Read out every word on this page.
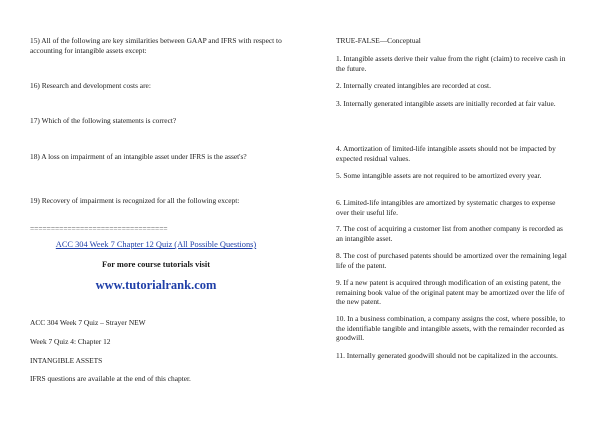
15) All of the following are key similarities between GAAP and IFRS with respect to accounting for intangible assets except:

16) Research and development costs are:

17) Which of the following statements is correct?

18) A loss on impairment of an intangible asset under IFRS is the asset's?

19) Recovery of impairment is recognized for all the following except:

=================================

ACC 304 Week 7 Chapter 12 Quiz (All Possible Questions)

For more course tutorials visit

www.tutorialrank.com

ACC 304 Week 7 Quiz – Strayer NEW

Week 7 Quiz 4: Chapter 12

INTANGIBLE ASSETS

IFRS questions are available at the end of this chapter.

TRUE-FALSE—Conceptual

1. Intangible assets derive their value from the right (claim) to receive cash in the future.

2. Internally created intangibles are recorded at cost.

3. Internally generated intangible assets are initially recorded at fair value.

4. Amortization of limited-life intangible assets should not be impacted by expected residual values.

5. Some intangible assets are not required to be amortized every year.

6. Limited-life intangibles are amortized by systematic charges to expense over their useful life.

7. The cost of acquiring a customer list from another company is recorded as an intangible asset.

8. The cost of purchased patents should be amortized over the remaining legal life of the patent.

9. If a new patent is acquired through modification of an existing patent, the remaining book value of the original patent may be amortized over the life of the new patent.

10. In a business combination, a company assigns the cost, where possible, to the identifiable tangible and intangible assets, with the remainder recorded as goodwill.

11. Internally generated goodwill should not be capitalized in the accounts.
